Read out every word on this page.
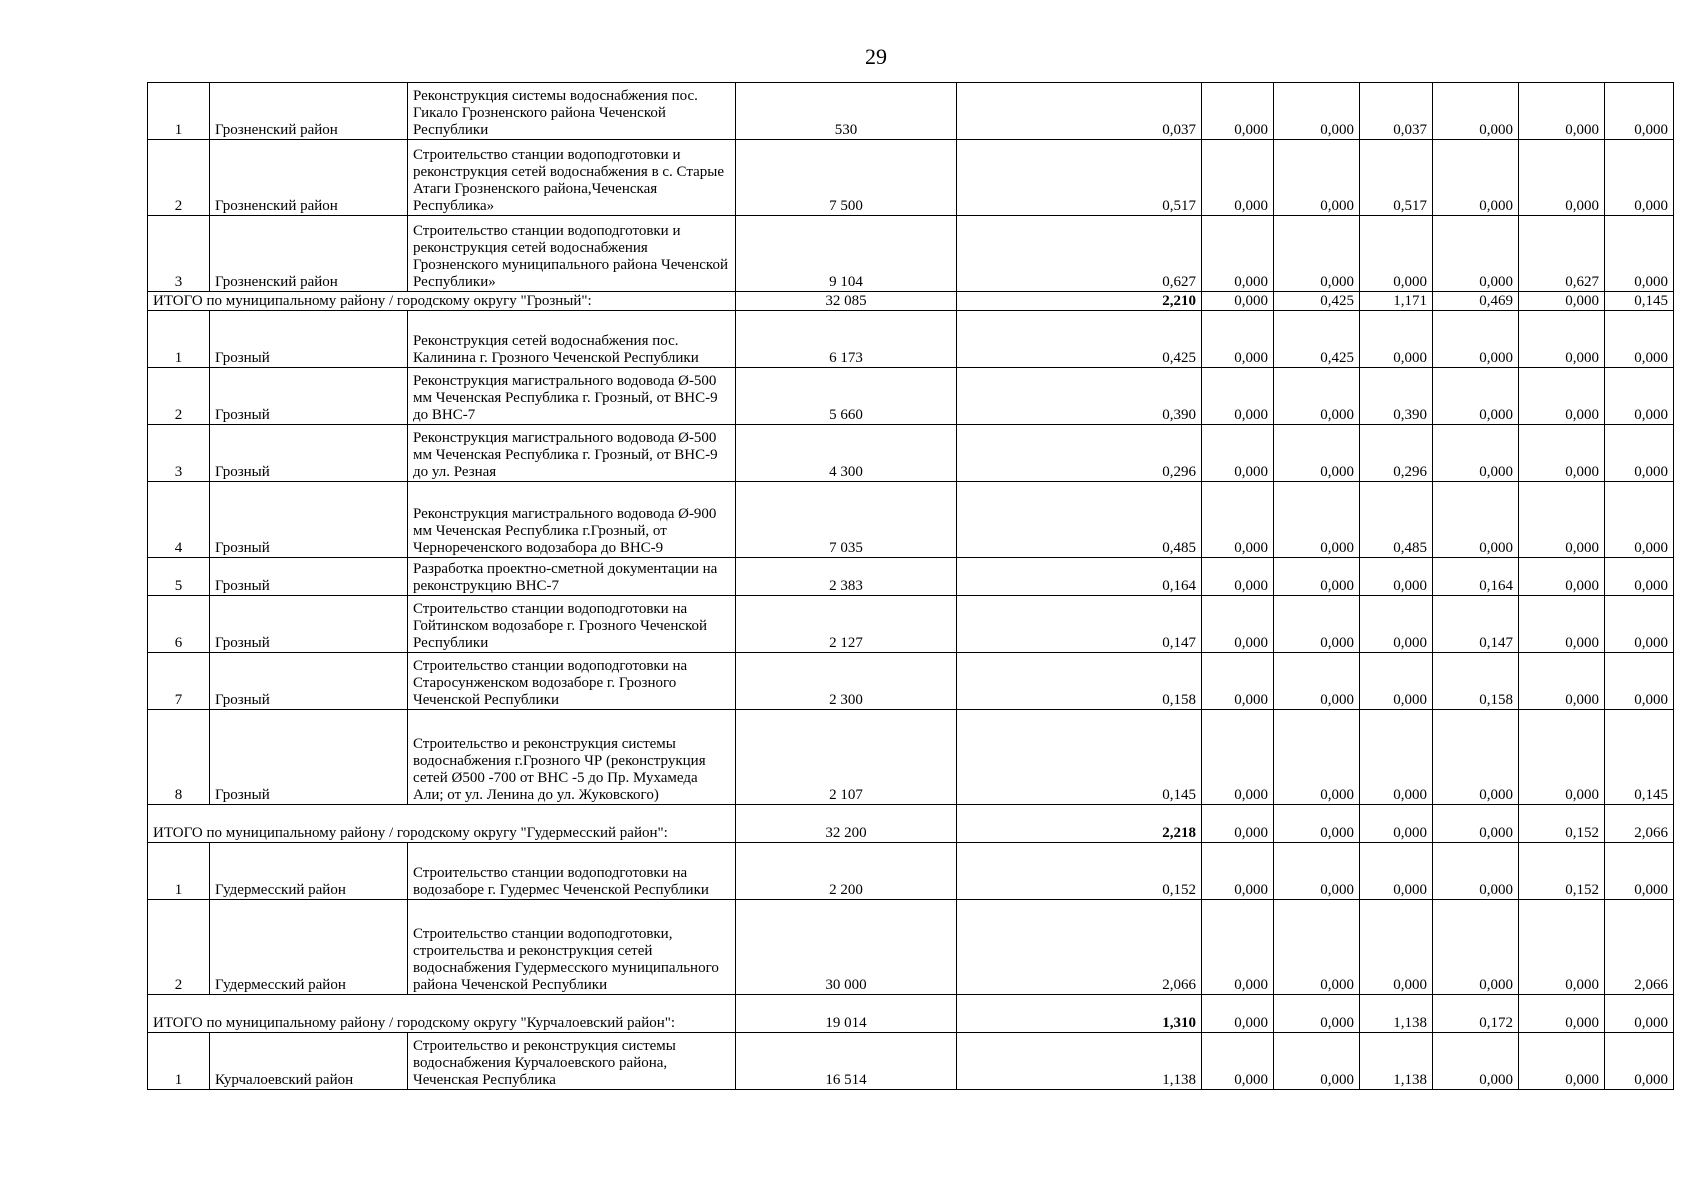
29
1	Грозненский район	Реконструкция системы водоснабжения пос. Гикало Грозненского района Чеченской Республики	530	0,037	0,000	0,000	0,037	0,000	0,000	0,000
2	Грозненский район	Строительство станции водоподготовки и реконструкция сетей водоснабжения в с. Старые Атаги Грозненского района,Чеченская Республика»	7 500	0,517	0,000	0,000	0,517	0,000	0,000	0,000
3	Грозненский район	Строительство станции водоподготовки и реконструкция сетей водоснабжения Грозненского муниципального района Чеченской Республики»	9 104	0,627	0,000	0,000	0,000	0,000	0,627	0,000
ИТОГО по муниципальному району / городскому округу "Грозный":			32 085	2,210	0,000	0,425	1,171	0,469	0,000	0,145
1	Грозный	Реконструкция сетей водоснабжения пос. Калинина г. Грозного Чеченской Республики	6 173	0,425	0,000	0,425	0,000	0,000	0,000	0,000
2	Грозный	Реконструкция магистрального водовода Ø-500 мм Чеченская Республика г. Грозный, от ВНС-9 до ВНС-7	5 660	0,390	0,000	0,000	0,390	0,000	0,000	0,000
3	Грозный	Реконструкция магистрального водовода Ø-500 мм Чеченская Республика г. Грозный, от ВНС-9 до ул. Резная	4 300	0,296	0,000	0,000	0,296	0,000	0,000	0,000
4	Грозный	Реконструкция магистрального водовода Ø-900 мм Чеченская Республика г.Грозный, от Чернореченского водозабора до ВНС-9	7 035	0,485	0,000	0,000	0,485	0,000	0,000	0,000
5	Грозный	Разработка проектно-сметной документации на реконструкцию ВНС-7	2 383	0,164	0,000	0,000	0,000	0,164	0,000	0,000
6	Грозный	Строительство станции водоподготовки на Гойтинском водозаборе г. Грозного Чеченской Республики	2 127	0,147	0,000	0,000	0,000	0,147	0,000	0,000
7	Грозный	Строительство станции водоподготовки на Старосунженском водозаборе г. Грозного Чеченской Республики	2 300	0,158	0,000	0,000	0,000	0,158	0,000	0,000
8	Грозный	Строительство и реконструкция системы водоснабжения г.Грозного ЧР (реконструкция сетей Ø500 -700 от ВНС -5 до Пр. Мухамеда Али; от ул. Ленина до ул. Жуковского)	2 107	0,145	0,000	0,000	0,000	0,000	0,000	0,145
ИТОГО по муниципальному району / городскому округу "Гудермесский район":			32 200	2,218	0,000	0,000	0,000	0,000	0,152	2,066
1	Гудермесский район	Строительство станции водоподготовки на водозаборе г. Гудермес Чеченской Республики	2 200	0,152	0,000	0,000	0,000	0,000	0,152	0,000
2	Гудермесский район	Строительство станции водоподготовки, строительства и реконструкция сетей водоснабжения Гудермесского муниципального района Чеченской Республики	30 000	2,066	0,000	0,000	0,000	0,000	0,000	2,066
ИТОГО по муниципальному району / городскому округу "Курчалоевский район":			19 014	1,310	0,000	0,000	1,138	0,172	0,000	0,000
1	Курчалоевский район	Строительство и реконструкция системы водоснабжения Курчалоевского района, Чеченская Республика	16 514	1,138	0,000	0,000	1,138	0,000	0,000	0,000
